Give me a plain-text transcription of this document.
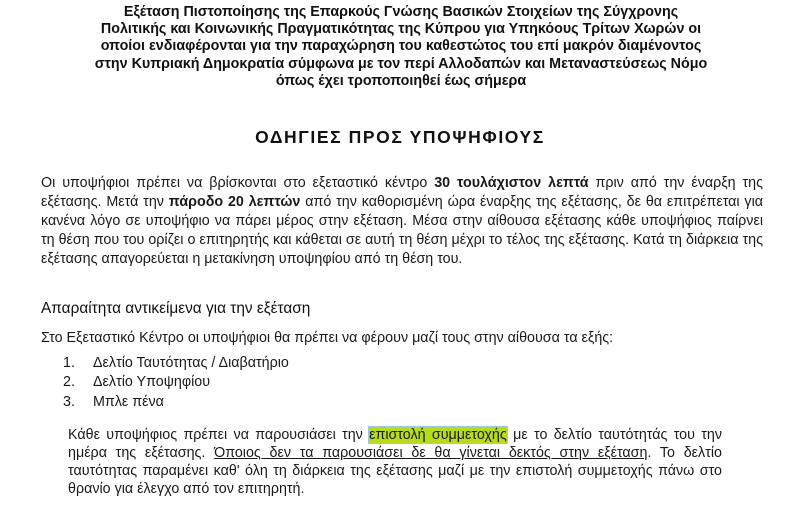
Εξέταση Πιστοποίησης της Επαρκούς Γνώσης Βασικών Στοιχείων της Σύγχρονης
Πολιτικής και Κοινωνικής Πραγματικότητας της Κύπρου για Υπηκόους Τρίτων Χωρών οι
οποίοι ενδιαφέρονται για την παραχώρηση του καθεστώτος του επί μακρόν διαμένοντος
στην Κυπριακή Δημοκρατία σύμφωνα με τον περί Αλλοδαπών και Μεταναστεύσεως Νόμο
όπως έχει τροποποιηθεί έως σήμερα
ΟΔΗΓΙΕΣ ΠΡΟΣ ΥΠΟΨΗΦΙΟΥΣ
Οι υποψήφιοι πρέπει να βρίσκονται στο εξεταστικό κέντρο 30 τουλάχιστον λεπτά πριν από την έναρξη της εξέτασης. Μετά την πάροδο 20 λεπτών από την καθορισμένη ώρα έναρξης της εξέτασης, δε θα επιτρέπεται για κανένα λόγο σε υποψήφιο να πάρει μέρος στην εξέταση. Μέσα στην αίθουσα εξέτασης κάθε υποψήφιος παίρνει τη θέση που του ορίζει ο επιτηρητής και κάθεται σε αυτή τη θέση μέχρι το τέλος της εξέτασης. Κατά τη διάρκεια της εξέτασης απαγορεύεται η μετακίνηση υποψηφίου από τη θέση του.
Απαραίτητα αντικείμενα για την εξέταση
Στο Εξεταστικό Κέντρο οι υποψήφιοι θα πρέπει να φέρουν μαζί τους στην αίθουσα τα εξής:
1.	Δελτίο Ταυτότητας / Διαβατήριο
2.	Δελτίο Υποψηφίου
3.	Μπλε πένα
Κάθε υποψήφιος πρέπει να παρουσιάσει την επιστολή συμμετοχής με το δελτίο ταυτότητάς του την ημέρα της εξέτασης. Όποιος δεν τα παρουσιάσει δε θα γίνεται δεκτός στην εξέταση. Το δελτίο ταυτότητας παραμένει καθ' όλη τη διάρκεια της εξέτασης μαζί με την επιστολή συμμετοχής πάνω στο θρανίο για έλεγχο από τον επιτηρητή.
